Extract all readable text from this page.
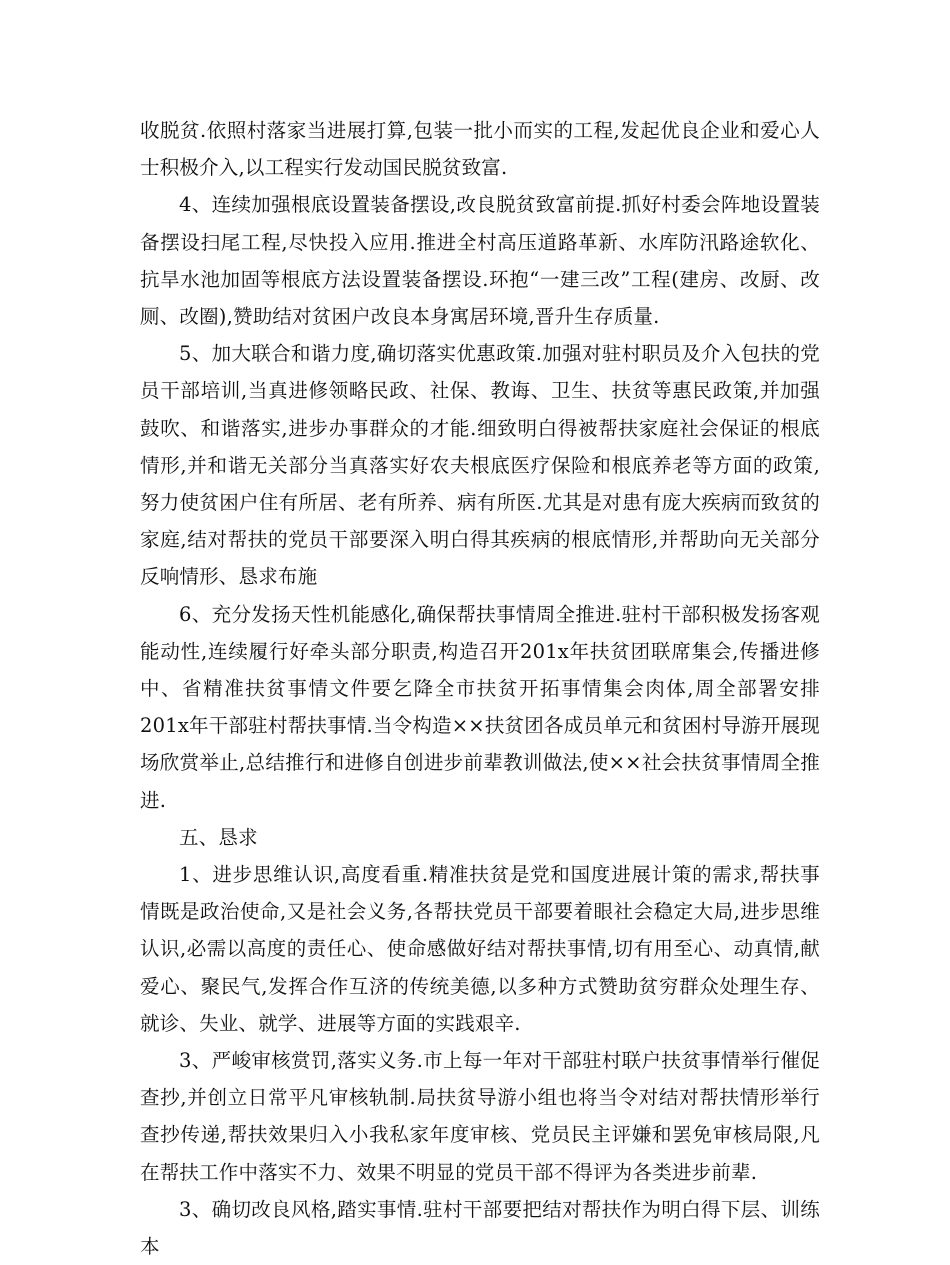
收脱贫.依照村落家当进展打算,包装一批小而实的工程,发起优良企业和爱心人士积极介入,以工程实行发动国民脱贫致富.

4、连续加强根底设置装备摆设,改良脱贫致富前提.抓好村委会阵地设置装备摆设扫尾工程,尽快投入应用.推进全村高压道路革新、水库防汛路途软化、抗旱水池加固等根底方法设置装备摆设.环抱“一建三改”工程(建房、改厨、改厕、改圈),赞助结对贫困户改良本身寓居环境,晋升生存质量.

5、加大联合和谐力度,确切落实优惠政策.加强对驻村职员及介入包扶的党员干部培训,当真进修领略民政、社保、教诲、卫生、扶贫等惠民政策,并加强鼓吹、和谐落实,进步办事群众的才能.细致明白得被帮扶家庭社会保证的根底情形,并和谐无关部分当真落实好农夫根底医疗保险和根底养老等方面的政策,努力使贫困户住有所居、老有所养、病有所医.尤其是对患有庞大疾病而致贫的家庭,结对帮扶的党员干部要深入明白得其疾病的根底情形,并帮助向无关部分反响情形、恳求布施

6、充分发扬天性机能感化,确保帮扶事情周全推进.驻村干部积极发扬客观能动性,连续履行好牵头部分职责,构造召开201x年扶贫团联席集会,传播进修中、省精准扶贫事情文件要乞降全市扶贫开拓事情集会肉体,周全部署安排201x年干部驻村帮扶事情.当令构造××扶贫团各成员单元和贫困村导游开展现场欣赏举止,总结推行和进修自创进步前辈教训做法,使××社会扶贫事情周全推进.

五、恳求

1、进步思维认识,高度看重.精准扶贫是党和国度进展计策的需求,帮扶事情既是政治使命,又是社会义务,各帮扶党员干部要着眼社会稳定大局,进步思维认识,必需以高度的责任心、使命感做好结对帮扶事情,切有用至心、动真情,献爱心、聚民气,发挥合作互济的传统美德,以多种方式赞助贫穷群众处理生存、就诊、失业、就学、进展等方面的实践艰辛.

3、严峻审核赏罚,落实义务.市上每一年对干部驻村联户扶贫事情举行催促查抄,并创立日常平凡审核轨制.局扶贫导游小组也将当令对结对帮扶情形举行查抄传递,帮扶效果归入小我私家年度审核、党员民主评嫌和罢免审核局限,凡在帮扶工作中落实不力、效果不明显的党员干部不得评为各类进步前辈.

3、确切改良风格,踏实事情.驻村干部要把结对帮扶作为明白得下层、训练本
